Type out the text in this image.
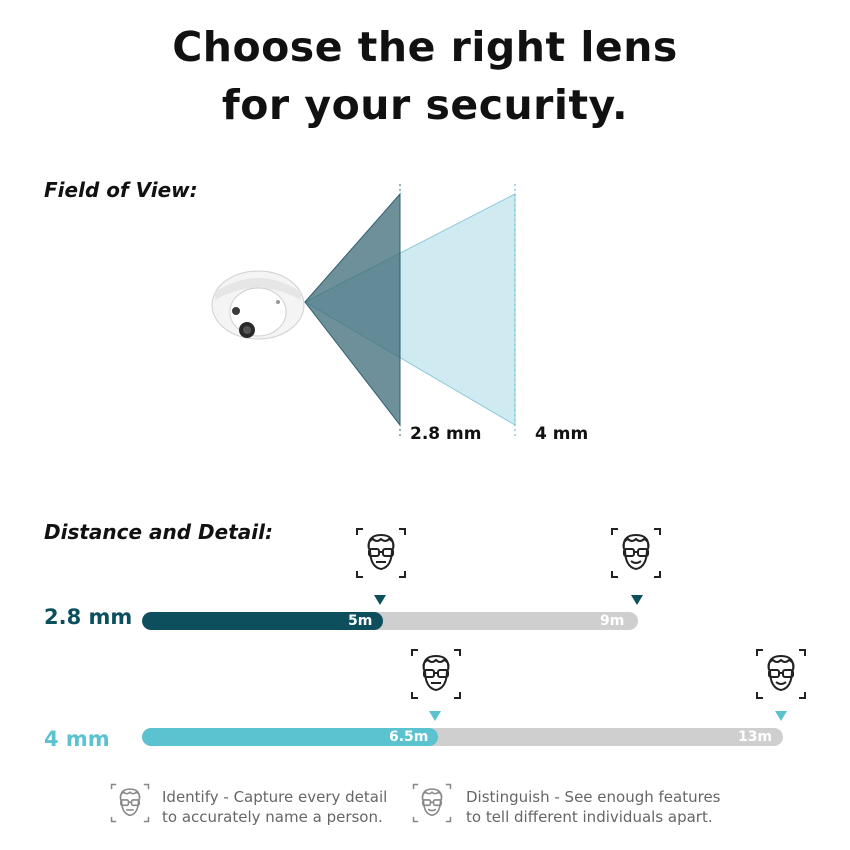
Choose the right lens
for your security.
Field of View:
2.8 mm	4 mm
Distance and Detail:
2.8 mm	5m	9m
4 mm	6.5m	13m
Identify - Capture every detail
to accurately name a person.
Distinguish - See enough features
to tell different individuals apart.
